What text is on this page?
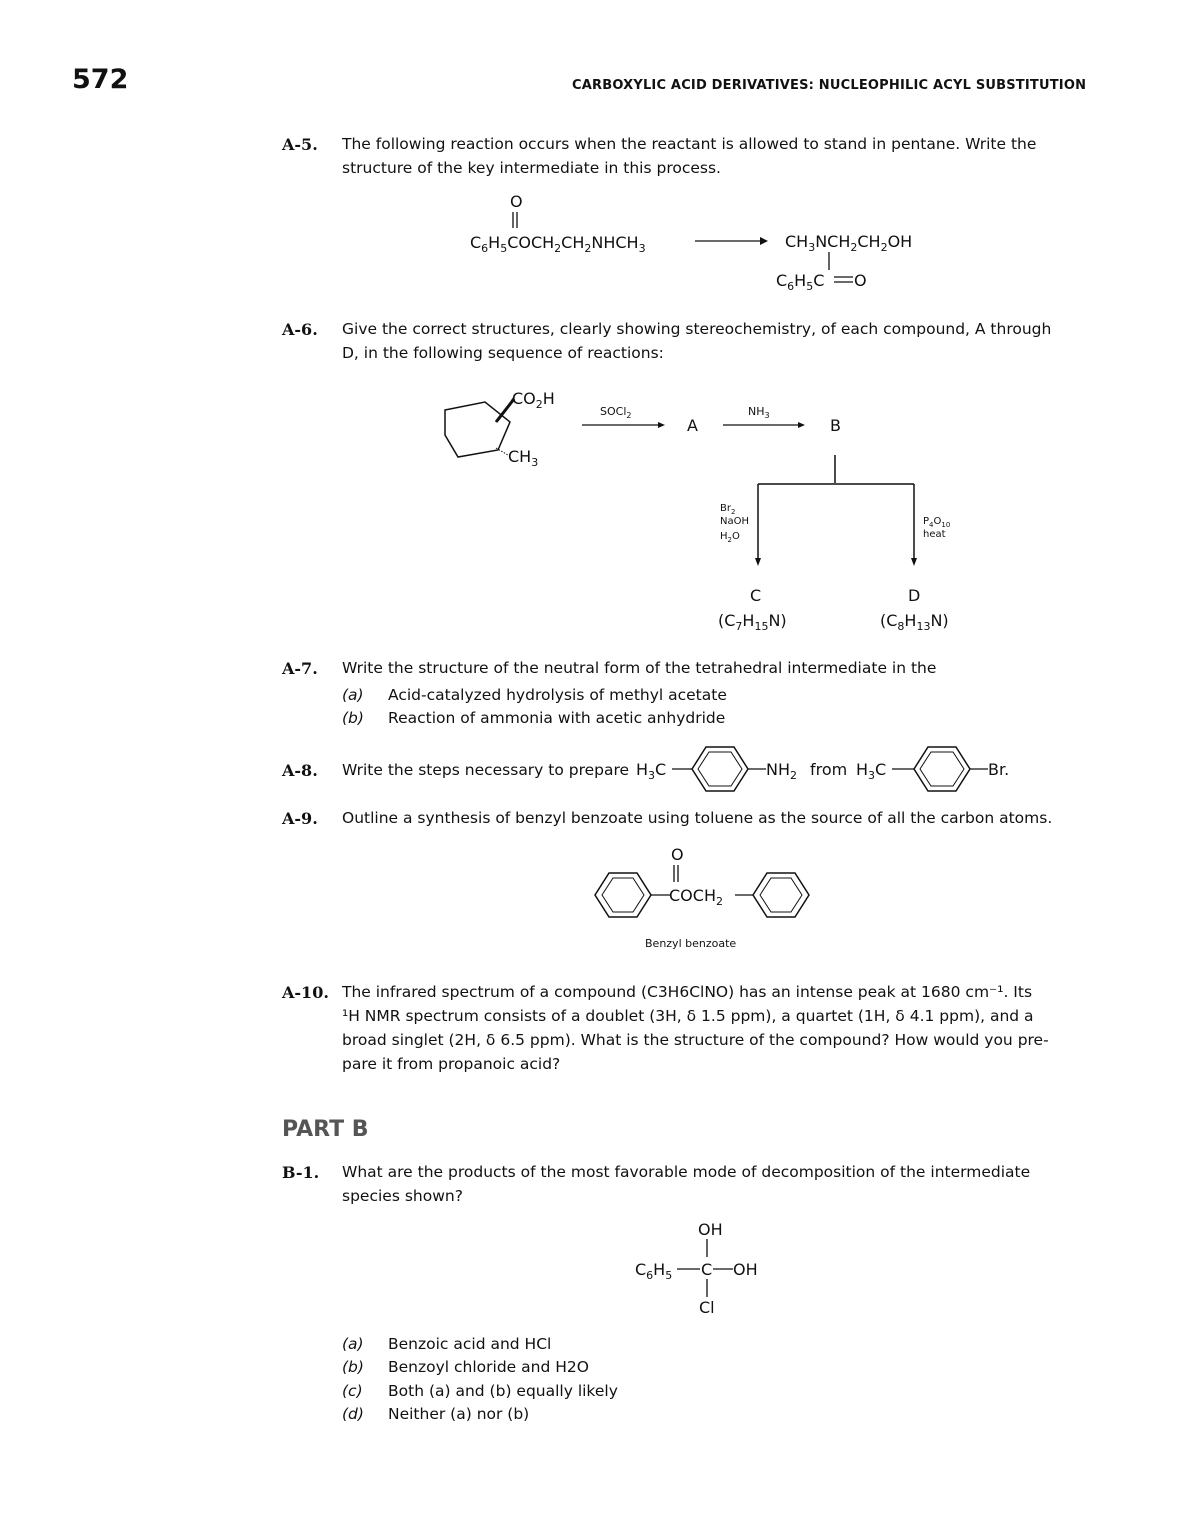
572	CARBOXYLIC ACID DERIVATIVES: NUCLEOPHILIC ACYL SUBSTITUTION
A-5. The following reaction occurs when the reactant is allowed to stand in pentane. Write the
structure of the key intermediate in this process.
O
$C_6H_5COCH_2CH_2NHCH_3$	$CH_3NCH_2CH_2OH$
$C_6H_5C$ O
A-6. Give the correct structures, clearly showing stereochemistry, of each compound, A through
D, in the following sequence of reactions:
$CO_2H$
$CH_3$
SOCl$_2$
A
$NH_3$
B
$Br_2$
NaOH
$H_2O$
$P_4O_{10}$
heat
C
$(C_7H_{15}N)$
D
$(C_8H_{13}N)$
A-7. Write the structure of the neutral form of the tetrahedral intermediate in the
(a) Acid-catalyzed hydrolysis of methyl acetate
(b) Reaction of ammonia with acetic anhydride
A-8. Write the steps necessary to prepare $H_3C$	$NH_2$ from $H_3C$	Br.
A-9. Outline a synthesis of benzyl benzoate using toluene as the source of all the carbon atoms.
O
$COCH_2$
Benzyl benzoate
A-10. The infrared spectrum of a compound (C3H6ClNO) has an intense peak at 1680 cm⁻¹. Its
¹H NMR spectrum consists of a doublet (3H, δ 1.5 ppm), a quartet (1H, δ 4.1 ppm), and a
broad singlet (2H, δ 6.5 ppm). What is the structure of the compound? How would you pre-
pare it from propanoic acid?
PART B
B-1. What are the products of the most favorable mode of decomposition of the intermediate
species shown?
OH
$C_6H_5$ C OH
Cl
(a) Benzoic acid and HCl
(b) Benzoyl chloride and H2O
(c) Both (a) and (b) equally likely
(d) Neither (a) nor (b)
